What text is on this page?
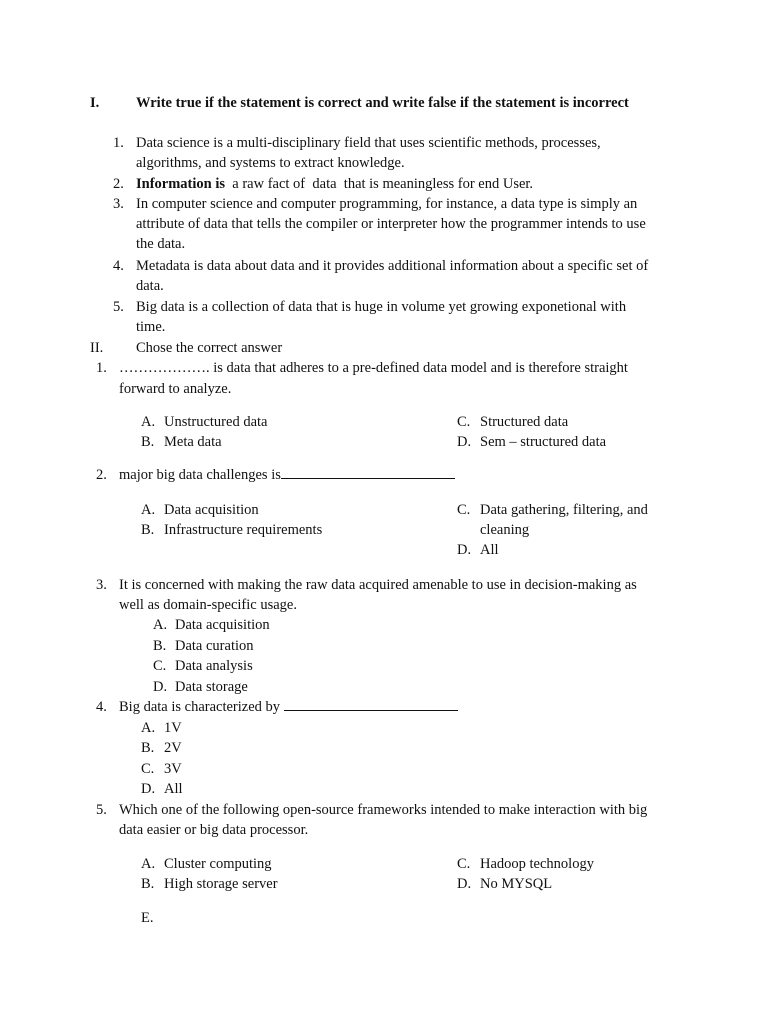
I.	Write true if the statement is correct and write false if the statement is incorrect
1. Data science is a multi-disciplinary field that uses scientific methods, processes,
algorithms, and systems to extract knowledge.
2. Information is  a raw fact of  data  that is meaningless for end User.
3. In computer science and computer programming, for instance, a data type is simply an
attribute of data that tells the compiler or interpreter how the programmer intends to use
the data.
4. Metadata is data about data and it provides additional information about a specific set of
data.
5. Big data is a collection of data that is huge in volume yet growing exponetional with
time.
II. Chose the correct answer
1. ………………. is data that adheres to a pre-defined data model and is therefore straight
forward to analyze.
A. Unstructured data
B. Meta data
C. Structured data
D. Sem – structured data
2. major big data challenges is
A. Data acquisition
B. Infrastructure requirements
C. Data gathering, filtering, and
cleaning
D. All
3. It is concerned with making the raw data acquired amenable to use in decision-making as
well as domain-specific usage.
A. Data acquisition
B. Data curation
C. Data analysis
D. Data storage
4. Big data is characterized by
A. 1V
B. 2V
C. 3V
D. All
5. Which one of the following open-source frameworks intended to make interaction with big
data easier or big data processor.
A. Cluster computing
B. High storage server
C. Hadoop technology
D. No MYSQL
E.
